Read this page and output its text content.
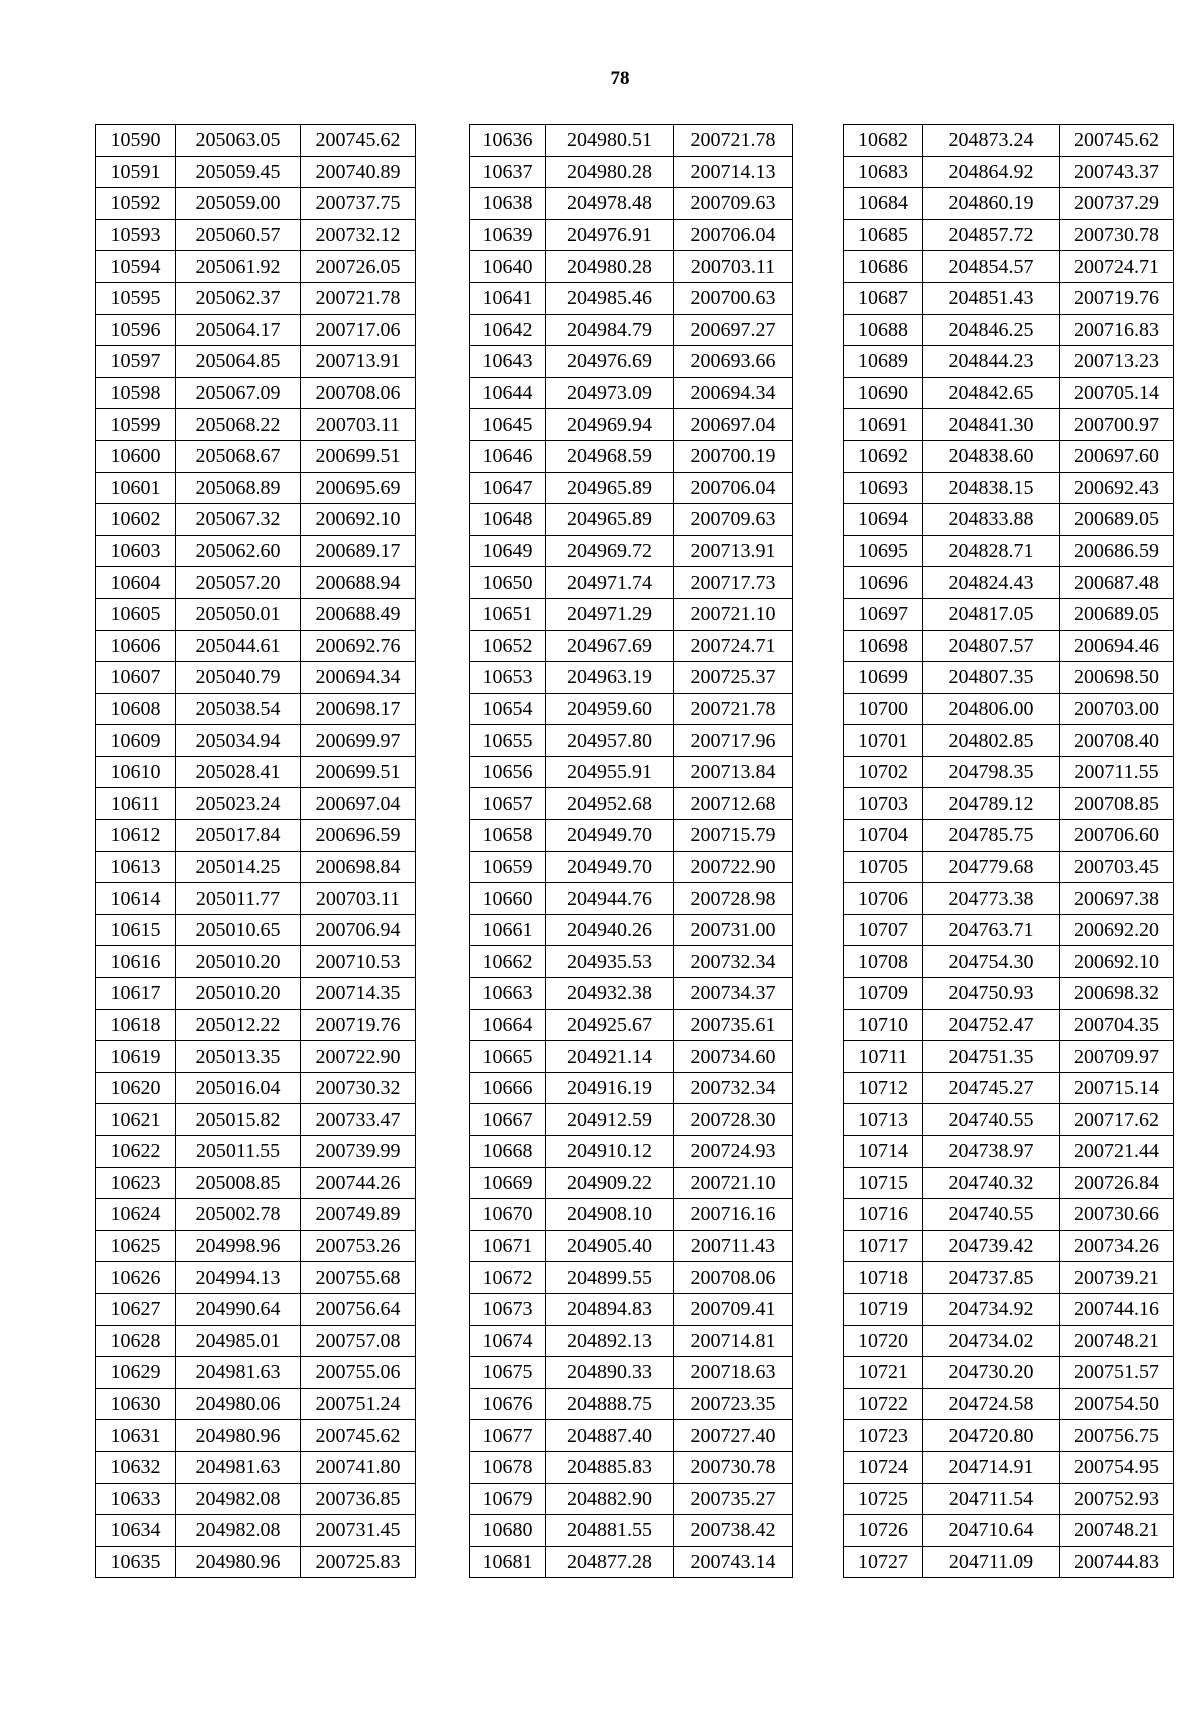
78
10590	205063.05	200745.62
10591	205059.45	200740.89
10592	205059.00	200737.75
10593	205060.57	200732.12
10594	205061.92	200726.05
10595	205062.37	200721.78
10596	205064.17	200717.06
10597	205064.85	200713.91
10598	205067.09	200708.06
10599	205068.22	200703.11
10600	205068.67	200699.51
10601	205068.89	200695.69
10602	205067.32	200692.10
10603	205062.60	200689.17
10604	205057.20	200688.94
10605	205050.01	200688.49
10606	205044.61	200692.76
10607	205040.79	200694.34
10608	205038.54	200698.17
10609	205034.94	200699.97
10610	205028.41	200699.51
10611	205023.24	200697.04
10612	205017.84	200696.59
10613	205014.25	200698.84
10614	205011.77	200703.11
10615	205010.65	200706.94
10616	205010.20	200710.53
10617	205010.20	200714.35
10618	205012.22	200719.76
10619	205013.35	200722.90
10620	205016.04	200730.32
10621	205015.82	200733.47
10622	205011.55	200739.99
10623	205008.85	200744.26
10624	205002.78	200749.89
10625	204998.96	200753.26
10626	204994.13	200755.68
10627	204990.64	200756.64
10628	204985.01	200757.08
10629	204981.63	200755.06
10630	204980.06	200751.24
10631	204980.96	200745.62
10632	204981.63	200741.80
10633	204982.08	200736.85
10634	204982.08	200731.45
10635	204980.96	200725.83
10636	204980.51	200721.78
10637	204980.28	200714.13
10638	204978.48	200709.63
10639	204976.91	200706.04
10640	204980.28	200703.11
10641	204985.46	200700.63
10642	204984.79	200697.27
10643	204976.69	200693.66
10644	204973.09	200694.34
10645	204969.94	200697.04
10646	204968.59	200700.19
10647	204965.89	200706.04
10648	204965.89	200709.63
10649	204969.72	200713.91
10650	204971.74	200717.73
10651	204971.29	200721.10
10652	204967.69	200724.71
10653	204963.19	200725.37
10654	204959.60	200721.78
10655	204957.80	200717.96
10656	204955.91	200713.84
10657	204952.68	200712.68
10658	204949.70	200715.79
10659	204949.70	200722.90
10660	204944.76	200728.98
10661	204940.26	200731.00
10662	204935.53	200732.34
10663	204932.38	200734.37
10664	204925.67	200735.61
10665	204921.14	200734.60
10666	204916.19	200732.34
10667	204912.59	200728.30
10668	204910.12	200724.93
10669	204909.22	200721.10
10670	204908.10	200716.16
10671	204905.40	200711.43
10672	204899.55	200708.06
10673	204894.83	200709.41
10674	204892.13	200714.81
10675	204890.33	200718.63
10676	204888.75	200723.35
10677	204887.40	200727.40
10678	204885.83	200730.78
10679	204882.90	200735.27
10680	204881.55	200738.42
10681	204877.28	200743.14
10682	204873.24	200745.62
10683	204864.92	200743.37
10684	204860.19	200737.29
10685	204857.72	200730.78
10686	204854.57	200724.71
10687	204851.43	200719.76
10688	204846.25	200716.83
10689	204844.23	200713.23
10690	204842.65	200705.14
10691	204841.30	200700.97
10692	204838.60	200697.60
10693	204838.15	200692.43
10694	204833.88	200689.05
10695	204828.71	200686.59
10696	204824.43	200687.48
10697	204817.05	200689.05
10698	204807.57	200694.46
10699	204807.35	200698.50
10700	204806.00	200703.00
10701	204802.85	200708.40
10702	204798.35	200711.55
10703	204789.12	200708.85
10704	204785.75	200706.60
10705	204779.68	200703.45
10706	204773.38	200697.38
10707	204763.71	200692.20
10708	204754.30	200692.10
10709	204750.93	200698.32
10710	204752.47	200704.35
10711	204751.35	200709.97
10712	204745.27	200715.14
10713	204740.55	200717.62
10714	204738.97	200721.44
10715	204740.32	200726.84
10716	204740.55	200730.66
10717	204739.42	200734.26
10718	204737.85	200739.21
10719	204734.92	200744.16
10720	204734.02	200748.21
10721	204730.20	200751.57
10722	204724.58	200754.50
10723	204720.80	200756.75
10724	204714.91	200754.95
10725	204711.54	200752.93
10726	204710.64	200748.21
10727	204711.09	200744.83
